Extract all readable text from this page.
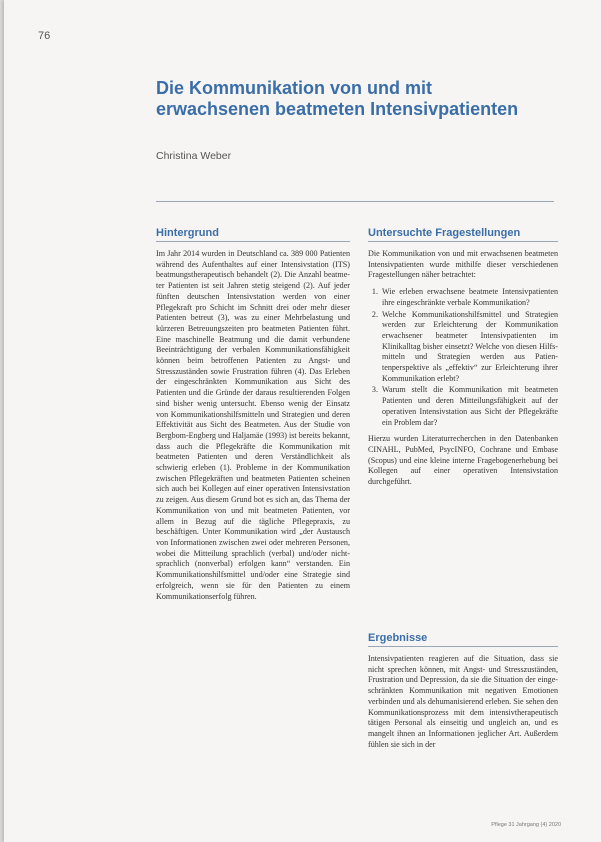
76
Die Kommunikation von und mit erwachsenen beatmeten Intensivpatienten
Christina Weber
Hintergrund

Im Jahr 2014 wurden in Deutschland ca. 389 000 Patienten während des Aufenthaltes auf einer Intensivstation (ITS) beatmungstherapeutisch behandelt (2). Die Anzahl beatmeter Patienten ist seit Jahren stetig steigend (2). Auf jeder fünften deutschen Intensivstation werden von einer Pflegekraft pro Schicht im Schnitt drei oder mehr dieser Patienten betreut (3), was zu einer Mehrbelastung und kürzeren Betreuungszeiten pro beatmeten Patienten führt. Eine maschinelle Beatmung und die damit verbundene Beeinträchtigung der verbalen Kommunikationsfähigkeit können beim betroffenen Patienten zu Angst- und Stresszuständen sowie Frustration führen (4). Das Erleben der eingeschränkten Kommunikation aus Sicht des Patienten und die Gründe der daraus resultierenden Folgen sind bisher wenig untersucht. Ebenso wenig der Einsatz von Kommunikationshilfsmitteln und Strategien und deren Effektivität aus Sicht des Beatmeten. Aus der Studie von Bergbom-Engberg und Haljamäe (1993) ist bereits bekannt, dass auch die Pflegekräfte die Kommunikation mit beatmeten Patienten und deren Verständlichkeit als schwierig erleben (1). Probleme in der Kommunikation zwischen Pflegekräften und beatmeten Patienten scheinen sich auch bei Kollegen auf einer operativen Intensivstation zu zeigen. Aus diesem Grund bot es sich an, das Thema der Kommunikation von und mit beatmeten Patienten, vor allem in Bezug auf die tägliche Pflegepraxis, zu beschäftigen. Unter Kommunikation wird „der Austausch von Informationen zwischen zwei oder mehreren Personen, wobei die Mitteilung sprachlich (verbal) und/oder nicht-sprachlich (nonverbal) erfolgen kann“ verstanden. Ein Kommunikationshilfsmittel und/oder eine Strategie sind erfolgreich, wenn sie für den Patienten zu einem Kommunikationserfolg führen.

Untersuchte Fragestellungen

Die Kommunikation von und mit erwachsenen beatmeten Intensivpatienten wurde mithilfe dieser verschiedenen Fragestellungen näher betrachtet:

1. Wie erleben erwachsene beatmete Intensivpatienten ihre eingeschränkte verbale Kommunikation?
2. Welche Kommunikationshilfsmittel und Strategien werden zur Erleichterung der Kommunikation erwachsener beatmeter Intensivpatienten im Klinikalltag bisher einsetzt? Welche von diesen Hilfsmitteln und Strategien werden aus Patientenperspektive als „effektiv“ zur Erleichterung ihrer Kommunikation erlebt?
3. Warum stellt die Kommunikation mit beatmeten Patienten und deren Mitteilungsfähigkeit auf der operativen Intensivstation aus Sicht der Pflegekräfte ein Problem dar?

Hierzu wurden Literaturrecherchen in den Datenbanken CINAHL, PubMed, PsycINFO, Cochrane und Embase (Scopus) und eine kleine interne Fragebogenerhebung bei Kollegen auf einer operativen Intensivstation durchgeführt.

Ergebnisse

Intensivpatienten reagieren auf die Situation, dass sie nicht sprechen können, mit Angst- und Stresszuständen, Frustration und Depression, da sie die Situation der eingeschränkten Kommunikation mit negativen Emotionen verbinden und als dehumanisierend erleben. Sie sehen den Kommunikationsprozess mit dem intensivtherapeutisch tätigen Personal als einseitig und ungleich an, und es mangelt ihnen an Informationen jeglicher Art. Außerdem fühlen sie sich in der

Pflege 31 Jahrgang (4) 2020
